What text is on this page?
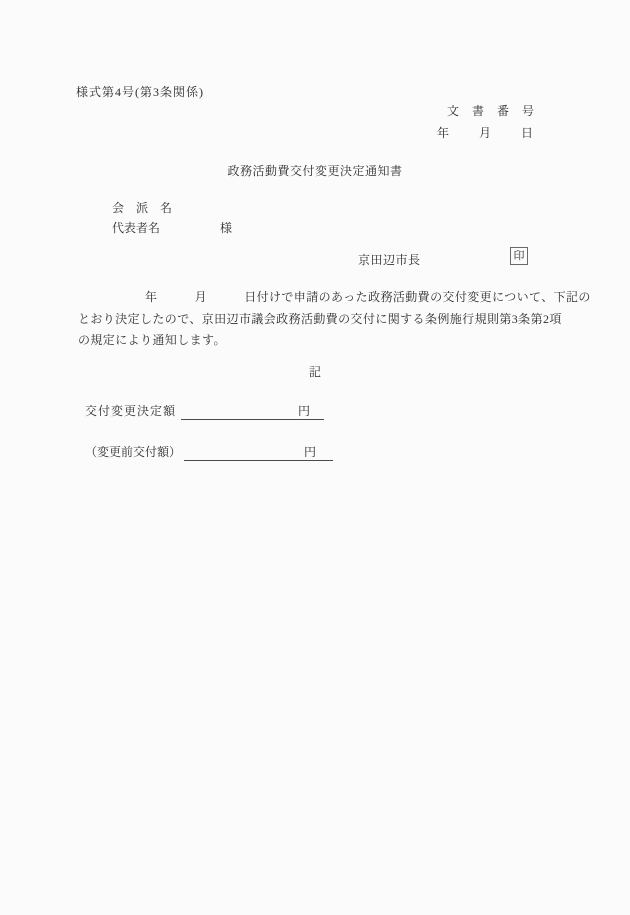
様式第4号(第3条関係)
文　書　番　号
年　　月　　日
政務活動費交付変更決定通知書
会　派　名
代表者名	様
京田辺市長	印
年　　　月　　　日付けで申請のあった政務活動費の交付変更について、下記の
とおり決定したので、京田辺市議会政務活動費の交付に関する条例施行規則第3条第2項
の規定により通知します。
記
交付変更決定額	円
（変更前交付額）	円
